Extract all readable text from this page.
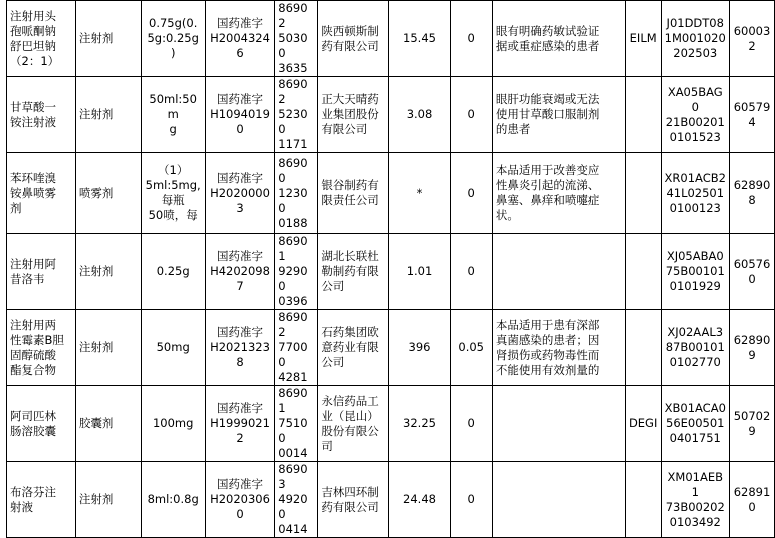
注射用头
孢哌酮钠
舒巴坦钠
（2：1）	注射剂	0.75g(0.
5g:0.25g
)	国药准字
H20043246	86902
50300
3635	陕西顿斯制
药有限公司	15.45	0	眼有明确药敏试验证
据或重症感染的患者	EILM	J01DDT08
1M001020
202503	600032

甘草酸一
铵注射液	注射剂	50ml:50m
g	国药准字
H10940190	86902
52300
1171	正大天晴药
业集团股份
有限公司	3.08	0	眼肝功能衰竭或无法
使用甘草酸口服制剂
的患者		XA05BAG0
21B00201
0101523	605794

苯环喹溴
铵鼻喷雾
剂	喷雾剂	（1）
5ml:5mg,
每瓶
50喷，每	国药准字
H20200003	86900
12300
0188	银谷制药有
限责任公司	*	0	本品适用于改善变应
性鼻炎引起的流涕、
鼻塞、鼻痒和喷嚏症
状。		XR01ACB2
41L02501
0100123	628908

注射用阿
昔洛韦	注射剂	0.25g	国药准字
H42020987	86901
92900
0396	湖北长联杜
勒制药有限
公司	1.01	0			XJ05ABA0
75B00101
0101929	605760

注射用两
性霉素B胆
固醇硫酸
酯复合物	注射剂	50mg	国药准字
H20213238	86902
77000
4281	石药集团欧
意药业有限
公司	396	0.05	本品适用于患有深部
真菌感染的患者；因
肾损伤或药物毒性而
不能使用有效剂量的		XJ02AAL3
87B00101
0102770	628909

阿司匹林
肠溶胶囊	胶囊剂	100mg	国药准字
H19990212	86901
75100
0014	永信药品工
业（昆山）
股份有限公
司	32.25	0		DEGI	XB01ACA0
56E00501
0401751	507029

布洛芬注
射液	注射剂	8ml:0.8g	国药准字
H20203060	86903
49200
0414	吉林四环制
药有限公司	24.48	0			XM01AEB1
73B00202
0103492	628910
